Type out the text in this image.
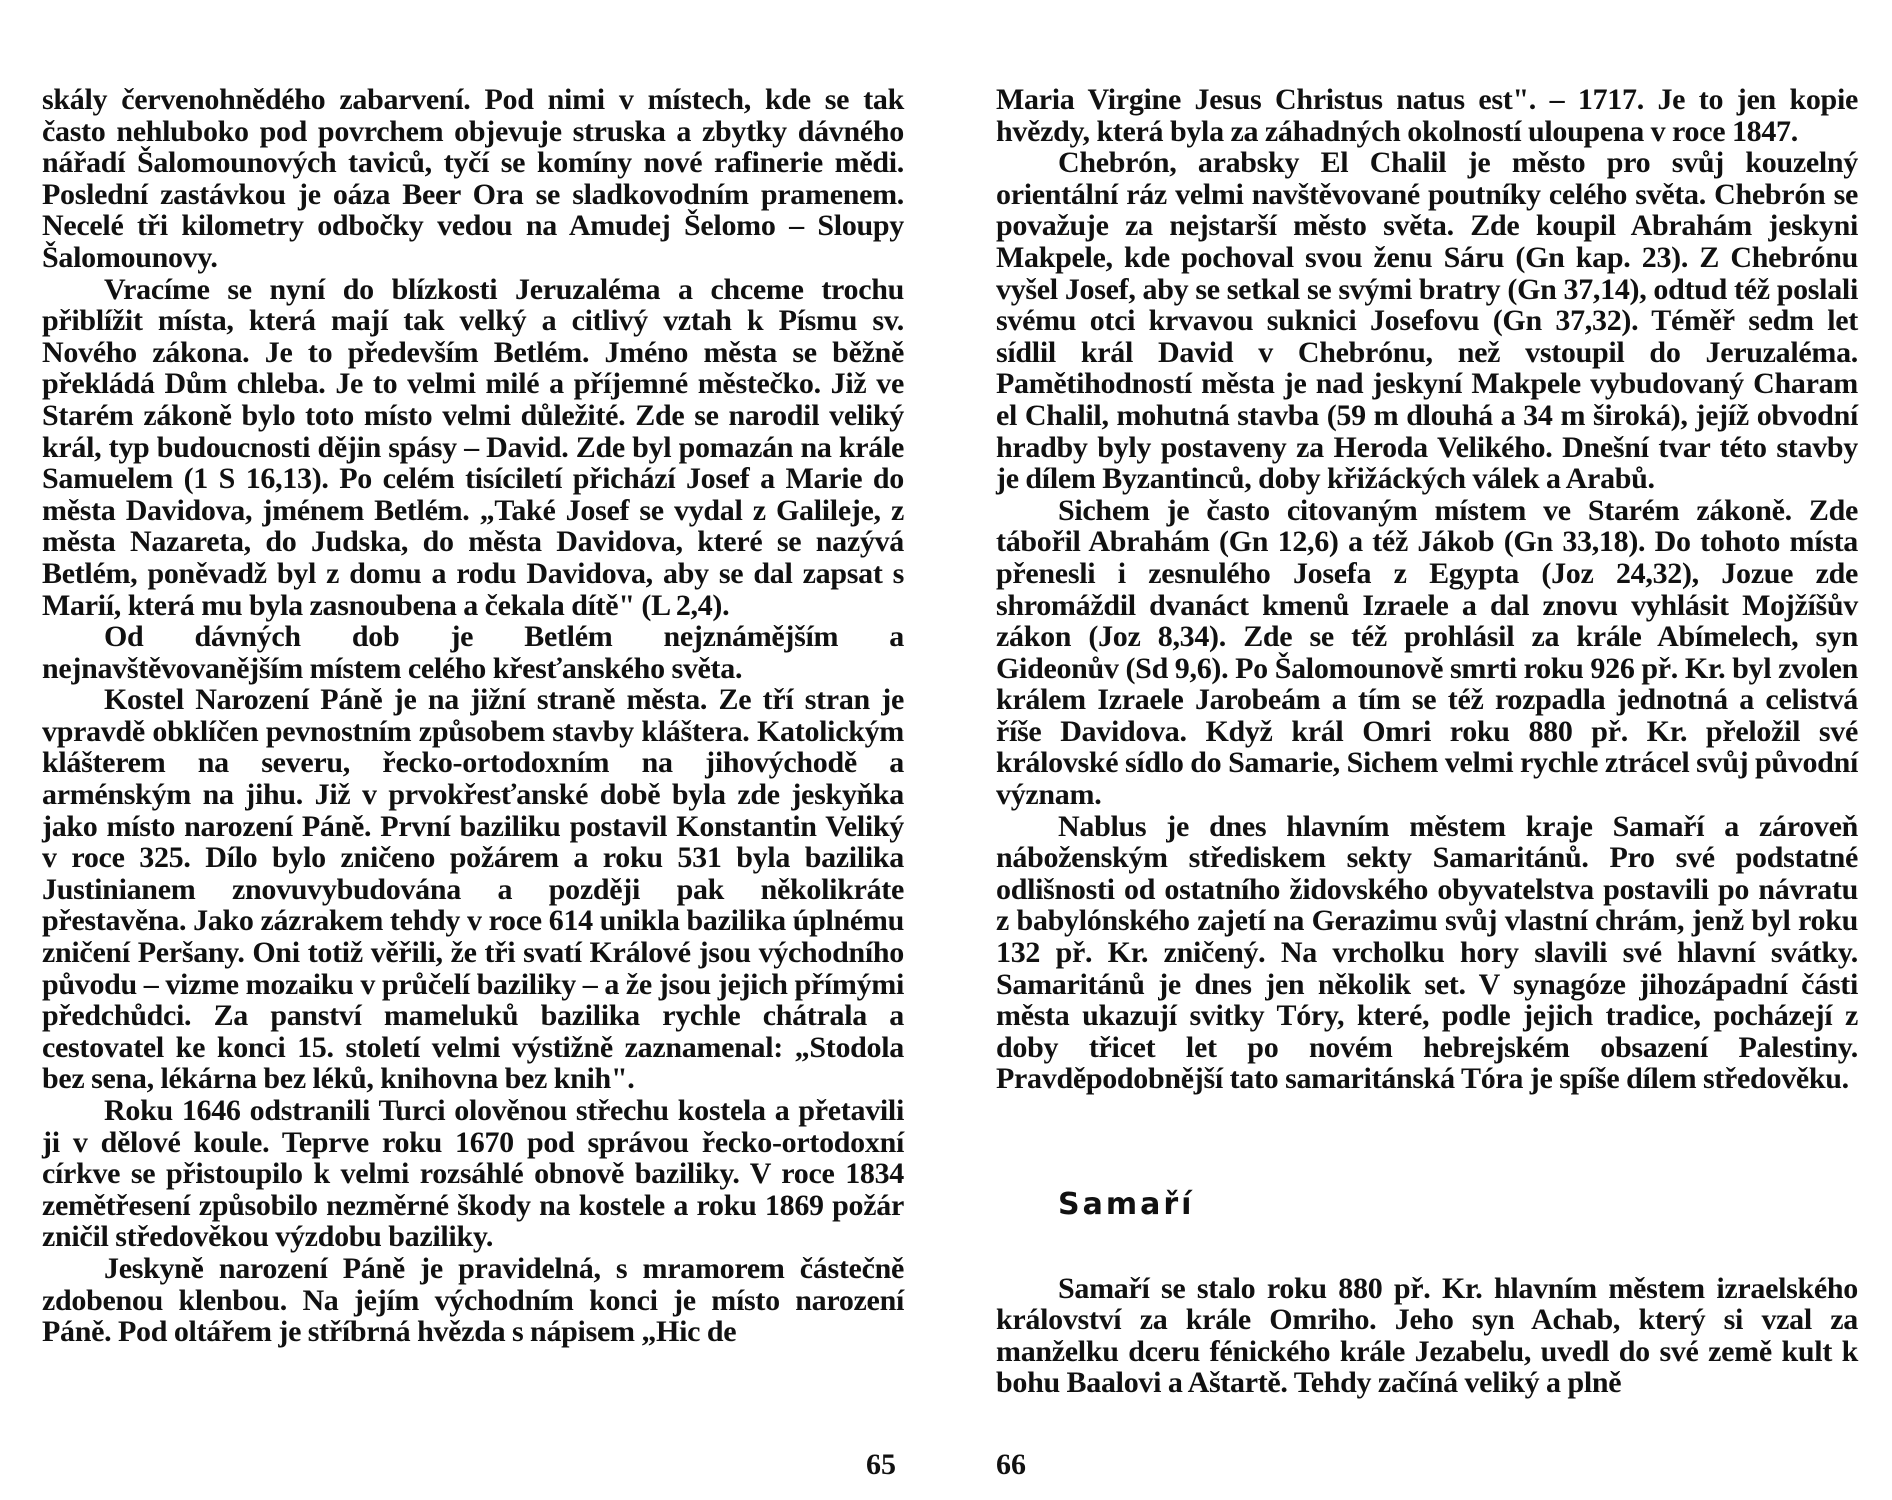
skály červenohnědého zabarvení. Pod nimi v místech, kde se tak často nehluboko pod povrchem objevuje struska a zbytky dávného nářadí Šalomounových taviců, tyčí se komíny nové rafinerie mědi. Poslední zastávkou je oáza Beer Ora se sladkovodním pramenem. Necelé tři kilometry odbočky vedou na Amudej Šelomo – Sloupy Šalomounovy.

Vracíme se nyní do blízkosti Jeruzaléma a chceme trochu přiblížit místa, která mají tak velký a citlivý vztah k Písmu sv. Nového zákona. Je to především Betlém. Jméno města se běžně překládá Dům chleba. Je to velmi milé a příjemné městečko. Již ve Starém zákoně bylo toto místo velmi důležité. Zde se narodil veliký král, typ budoucnosti dějin spásy – David. Zde byl pomazán na krále Samuelem (1 S 16,13). Po celém tisíciletí přichází Josef a Marie do města Davidova, jménem Betlém. „Také Josef se vydal z Galileje, z města Nazareta, do Judska, do města Davidova, které se nazývá Betlém, poněvadž byl z domu a rodu Davidova, aby se dal zapsat s Marií, která mu byla zasnoubena a čekala dítě" (L 2,4).

Od dávných dob je Betlém nejznámějším a nejnavštěvovanějším místem celého křesťanského světa.

Kostel Narození Páně je na jižní straně města. Ze tří stran je vpravdě obklíčen pevnostním způsobem stavby kláštera. Katolickým klášterem na severu, řecko-ortodoxním na jihovýchodě a arménským na jihu. Již v prvokřesťanské době byla zde jeskyňka jako místo narození Páně. První baziliku postavil Konstantin Veliký v roce 325. Dílo bylo zničeno požárem a roku 531 byla bazilika Justinianem znovuvybudována a později pak několikráte přestavěna. Jako zázrakem tehdy v roce 614 unikla bazilika úplnému zničení Peršany. Oni totiž věřili, že tři svatí Králové jsou východního původu – vizme mozaiku v průčelí baziliky – a že jsou jejich přímými předchůdci. Za panství mameluků bazilika rychle chátrala a cestovatel ke konci 15. století velmi výstižně zaznamenal: „Stodola bez sena, lékárna bez léků, knihovna bez knih".

Roku 1646 odstranili Turci olověnou střechu kostela a přetavili ji v dělové koule. Teprve roku 1670 pod správou řecko-ortodoxní církve se přistoupilo k velmi rozsáhlé obnově baziliky. V roce 1834 zemětřesení způsobilo nezměrné škody na kostele a roku 1869 požár zničil středověkou výzdobu baziliky.

Jeskyně narození Páně je pravidelná, s mramorem částečně zdobenou klenbou. Na jejím východním konci je místo narození Páně. Pod oltářem je stříbrná hvězda s nápisem „Hic de

65

Maria Virgine Jesus Christus natus est". – 1717. Je to jen kopie hvězdy, která byla za záhadných okolností uloupena v roce 1847.

Chebrón, arabsky El Chalil je město pro svůj kouzelný orientální ráz velmi navštěvované poutníky celého světa. Chebrón se považuje za nejstarší město světa. Zde koupil Abrahám jeskyni Makpele, kde pochoval svou ženu Sáru (Gn kap. 23). Z Chebrónu vyšel Josef, aby se setkal se svými bratry (Gn 37,14), odtud též poslali svému otci krvavou suknici Josefovu (Gn 37,32). Téměř sedm let sídlil král David v Chebrónu, než vstoupil do Jeruzaléma. Pamětihodností města je nad jeskyní Makpele vybudovaný Charam el Chalil, mohutná stavba (59 m dlouhá a 34 m široká), jejíž obvodní hradby byly postaveny za Heroda Velikého. Dnešní tvar této stavby je dílem Byzantinců, doby křižáckých válek a Arabů.

Sichem je často citovaným místem ve Starém zákoně. Zde tábořil Abrahám (Gn 12,6) a též Jákob (Gn 33,18). Do tohoto místa přenesli i zesnulého Josefa z Egypta (Joz 24,32), Jozue zde shromáždil dvanáct kmenů Izraele a dal znovu vyhlásit Mojžíšův zákon (Joz 8,34). Zde se též prohlásil za krále Abímelech, syn Gideonův (Sd 9,6). Po Šalomounově smrti roku 926 př. Kr. byl zvolen králem Izraele Jarobeám a tím se též rozpadla jednotná a celistvá říše Davidova. Když král Omri roku 880 př. Kr. přeložil své královské sídlo do Samarie, Sichem velmi rychle ztrácel svůj původní význam.

Nablus je dnes hlavním městem kraje Samaří a zároveň náboženským střediskem sekty Samaritánů. Pro své podstatné odlišnosti od ostatního židovského obyvatelstva postavili po návratu z babylónského zajetí na Gerazimu svůj vlastní chrám, jenž byl roku 132 př. Kr. zničený. Na vrcholku hory slavili své hlavní svátky. Samaritánů je dnes jen několik set. V synagóze jihozápadní části města ukazují svitky Tóry, které, podle jejich tradice, pocházejí z doby třicet let po novém hebrejském obsazení Palestiny. Pravděpodobnější tato samaritánská Tóra je spíše dílem středověku.

Samaří

Samaří se stalo roku 880 př. Kr. hlavním městem izraelského království za krále Omriho. Jeho syn Achab, který si vzal za manželku dceru fénického krále Jezabelu, uvedl do své země kult k bohu Baalovi a Aštartě. Tehdy začíná veliký a plně

66
